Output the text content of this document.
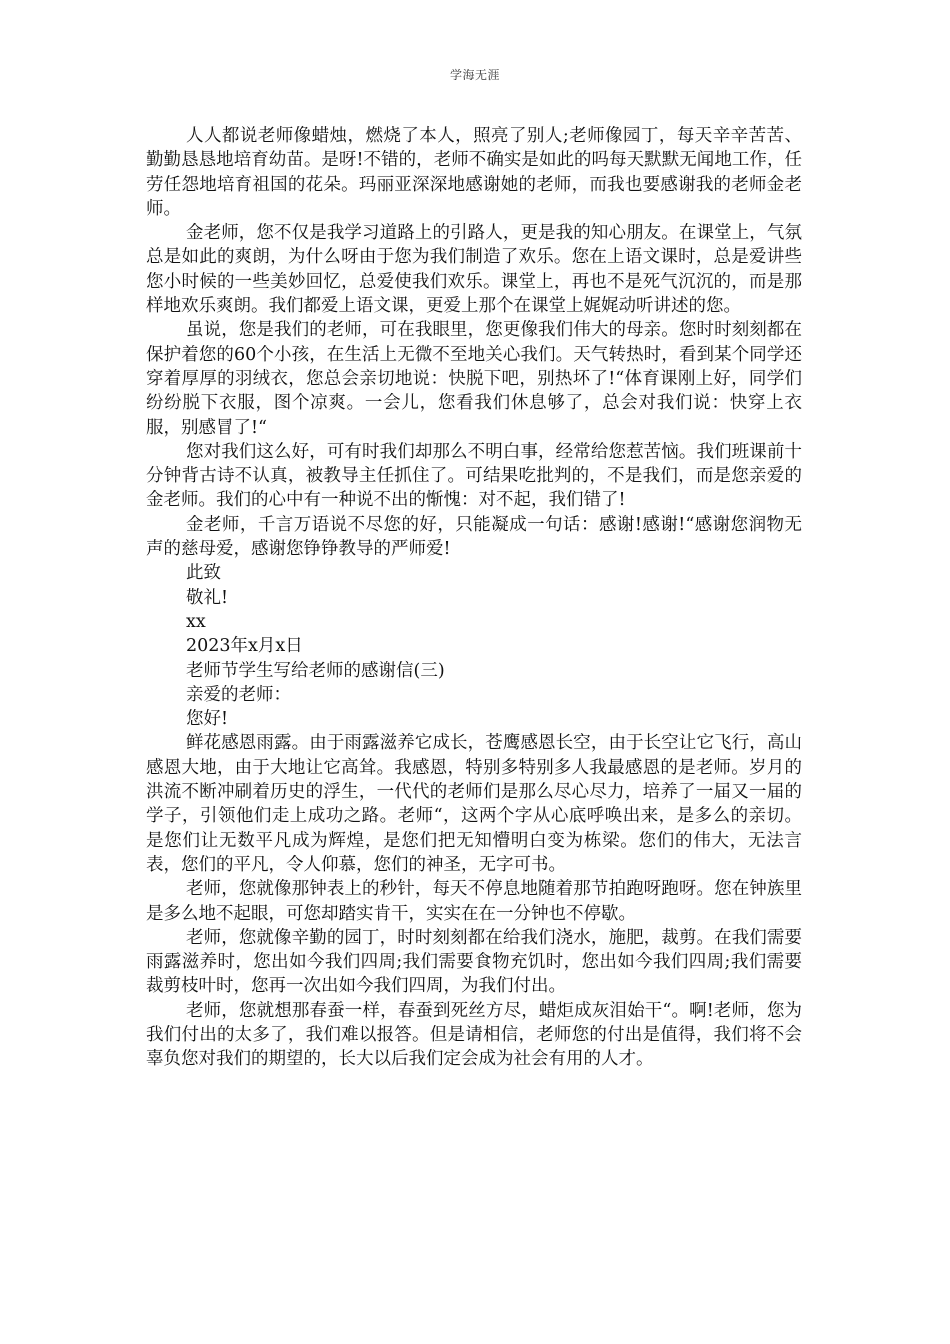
学海无涯

人人都说老师像蜡烛，燃烧了本人，照亮了别人;老师像园丁，每天辛辛苦苦、勤勤恳恳地培育幼苗。是呀!不错的，老师不确实是如此的吗每天默默无闻地工作，任劳任怨地培育祖国的花朵。玛丽亚深深地感谢她的老师，而我也要感谢我的老师金老师。

金老师，您不仅是我学习道路上的引路人，更是我的知心朋友。在课堂上，气氛总是如此的爽朗，为什么呀由于您为我们制造了欢乐。您在上语文课时，总是爱讲些您小时候的一些美妙回忆，总爱使我们欢乐。课堂上，再也不是死气沉沉的，而是那样地欢乐爽朗。我们都爱上语文课，更爱上那个在课堂上娓娓动听讲述的您。

虽说，您是我们的老师，可在我眼里，您更像我们伟大的母亲。您时时刻刻都在保护着您的60个小孩，在生活上无微不至地关心我们。天气转热时，看到某个同学还穿着厚厚的羽绒衣，您总会亲切地说：快脱下吧，别热坏了!“体育课刚上好，同学们纷纷脱下衣服，图个凉爽。一会儿，您看我们休息够了，总会对我们说：快穿上衣服，别感冒了!“

您对我们这么好，可有时我们却那么不明白事，经常给您惹苦恼。我们班课前十分钟背古诗不认真，被教导主任抓住了。可结果吃批判的，不是我们，而是您亲爱的金老师。我们的心中有一种说不出的惭愧：对不起，我们错了!

金老师，千言万语说不尽您的好，只能凝成一句话：感谢!感谢!“感谢您润物无声的慈母爱，感谢您铮铮教导的严师爱!

此致

敬礼!

xx

2023年x月x日

老师节学生写给老师的感谢信(三)

亲爱的老师：

您好!

鲜花感恩雨露。由于雨露滋养它成长，苍鹰感恩长空，由于长空让它飞行，高山感恩大地，由于大地让它高耸。我感恩，特别多特别多人我最感恩的是老师。岁月的洪流不断冲刷着历史的浮生，一代代的老师们是那么尽心尽力，培养了一届又一届的学子，引领他们走上成功之路。老师“，这两个字从心底呼唤出来，是多么的亲切。是您们让无数平凡成为辉煌，是您们把无知懵明白变为栋梁。您们的伟大，无法言表，您们的平凡，令人仰慕，您们的神圣，无字可书。

老师，您就像那钟表上的秒针，每天不停息地随着那节拍跑呀跑呀。您在钟族里是多么地不起眼，可您却踏实肯干，实实在在一分钟也不停歇。

老师，您就像辛勤的园丁，时时刻刻都在给我们浇水，施肥，裁剪。在我们需要雨露滋养时，您出如今我们四周;我们需要食物充饥时，您出如今我们四周;我们需要裁剪枝叶时，您再一次出如今我们四周，为我们付出。

老师，您就想那春蚕一样，春蚕到死丝方尽，蜡炬成灰泪始干“。啊!老师，您为我们付出的太多了，我们难以报答。但是请相信，老师您的付出是值得，我们将不会辜负您对我们的期望的，长大以后我们定会成为社会有用的人才。
